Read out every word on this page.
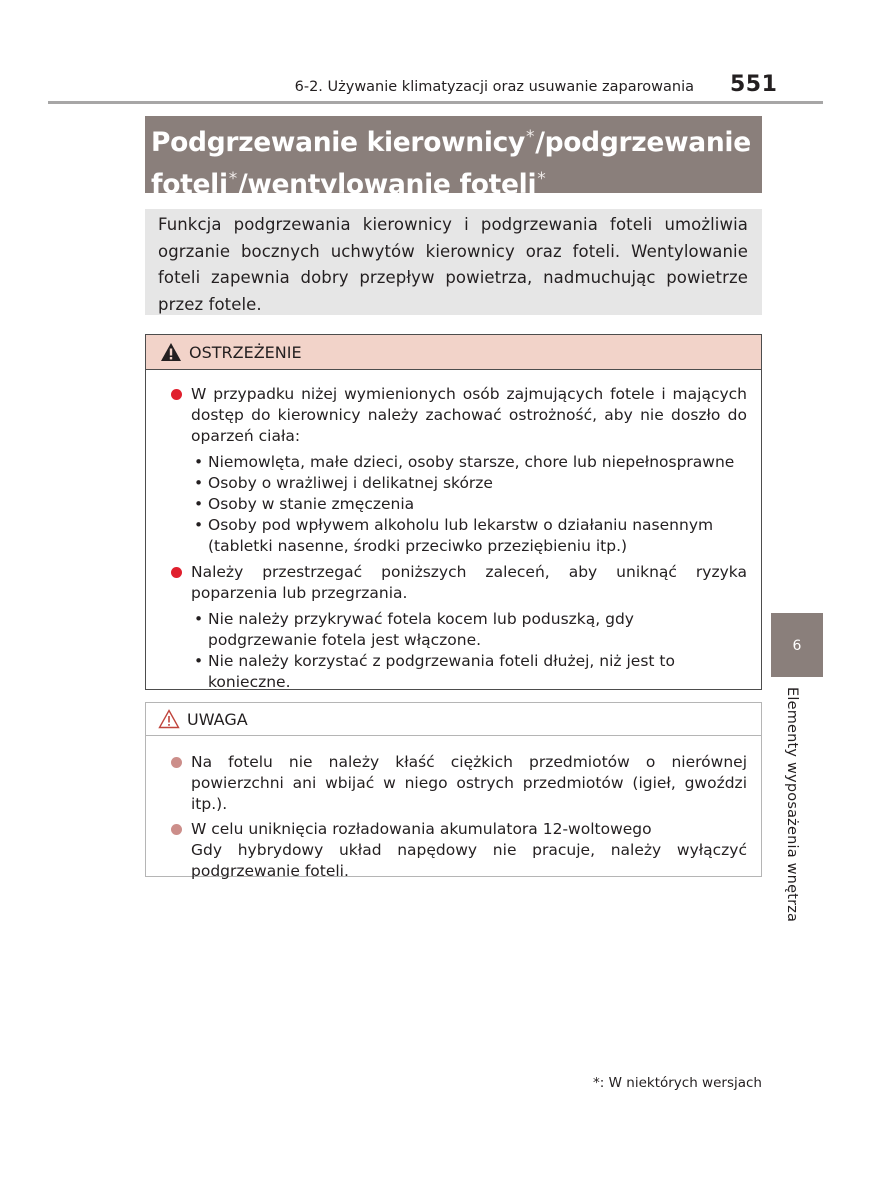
6-2. Używanie klimatyzacji oraz usuwanie zaparowania 551
Podgrzewanie kierownicy*/podgrzewanie
foteli*/wentylowanie foteli*
Funkcja podgrzewania kierownicy i podgrzewania foteli umożliwia ogrzanie bocznych uchwytów kierownicy oraz foteli. Wentylowanie foteli zapewnia dobry przepływ powietrza, nadmuchując powietrze przez fotele.
OSTRZEŻENIE
W przypadku niżej wymienionych osób zajmujących fotele i mających dostęp do kierownicy należy zachować ostrożność, aby nie doszło do oparzeń ciała:
• Niemowlęta, małe dzieci, osoby starsze, chore lub niepełnosprawne
• Osoby o wrażliwej i delikatnej skórze
• Osoby w stanie zmęczenia
• Osoby pod wpływem alkoholu lub lekarstw o działaniu nasennym (tabletki nasenne, środki przeciwko przeziębieniu itp.)
Należy przestrzegać poniższych zaleceń, aby uniknąć ryzyka poparzenia lub przegrzania.
• Nie należy przykrywać fotela kocem lub poduszką, gdy podgrzewanie fotela jest włączone.
• Nie należy korzystać z podgrzewania foteli dłużej, niż jest to konieczne.
UWAGA
Na fotelu nie należy kłaść ciężkich przedmiotów o nierównej powierzchni ani wbijać w niego ostrych przedmiotów (igieł, gwoździ itp.).
W celu uniknięcia rozładowania akumulatora 12-woltowego
Gdy hybrydowy układ napędowy nie pracuje, należy wyłączyć podgrzewanie foteli.
6
Elementy wyposażenia wnętrza
*: W niektórych wersjach
